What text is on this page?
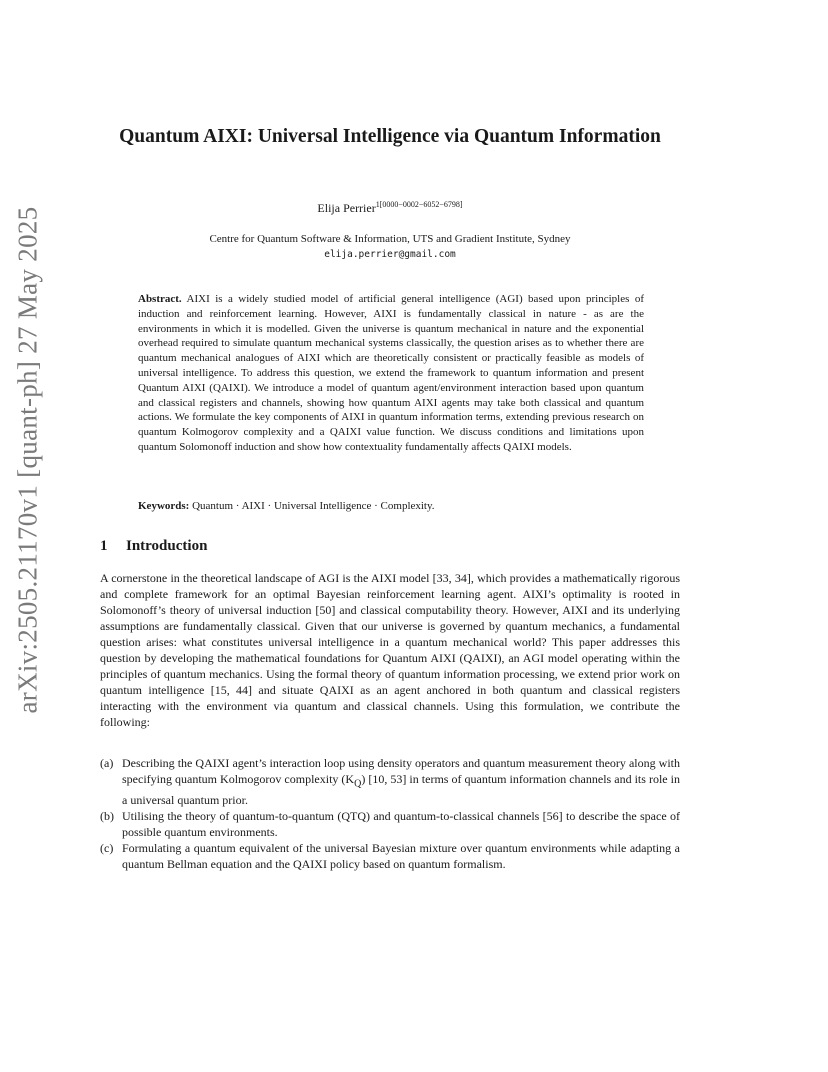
arXiv:2505.21170v1 [quant-ph] 27 May 2025
Quantum AIXI: Universal Intelligence via Quantum Information
Elija Perrier$^{1[0000-0002-6052-6798]}$
Centre for Quantum Software & Information, UTS and Gradient Institute, Sydney
elija.perrier@gmail.com
Abstract. AIXI is a widely studied model of artificial general intelligence (AGI) based upon principles of induction and reinforcement learning. However, AIXI is fundamentally classical in nature - as are the environments in which it is modelled. Given the universe is quantum mechanical in nature and the exponential overhead required to simulate quantum mechanical systems classically, the question arises as to whether there are quantum mechanical analogues of AIXI which are theoretically consistent or practically feasible as models of universal intelligence. To address this question, we extend the framework to quantum information and present Quantum AIXI (QAIXI). We introduce a model of quantum agent/environment interaction based upon quantum and classical registers and channels, showing how quantum AIXI agents may take both classical and quantum actions. We formulate the key components of AIXI in quantum information terms, extending previous research on quantum Kolmogorov complexity and a QAIXI value function. We discuss conditions and limitations upon quantum Solomonoff induction and show how contextuality fundamentally affects QAIXI models.
Keywords: Quantum · AIXI · Universal Intelligence · Complexity.
1 Introduction
A cornerstone in the theoretical landscape of AGI is the AIXI model [33, 34], which provides a mathematically rigorous and complete framework for an optimal Bayesian reinforcement learning agent. AIXI’s optimality is rooted in Solomonoff’s theory of universal induction [50] and classical computability theory. However, AIXI and its underlying assumptions are fundamentally classical. Given that our universe is governed by quantum mechanics, a fundamental question arises: what constitutes universal intelligence in a quantum mechanical world? This paper addresses this question by developing the mathematical foundations for Quantum AIXI (QAIXI), an AGI model operating within the principles of quantum mechanics. Using the formal theory of quantum information processing, we extend prior work on quantum intelligence [15, 44] and situate QAIXI as an agent anchored in both quantum and classical registers interacting with the environment via quantum and classical channels. Using this formulation, we contribute the following:
(a) Describing the QAIXI agent’s interaction loop using density operators and quantum measurement theory along with specifying quantum Kolmogorov complexity $(K_Q)$ [10, 53] in terms of quantum information channels and its role in a universal quantum prior.
(b) Utilising the theory of quantum-to-quantum (QTQ) and quantum-to-classical channels [56] to describe the space of possible quantum environments.
(c) Formulating a quantum equivalent of the universal Bayesian mixture over quantum environments while adapting a quantum Bellman equation and the QAIXI policy based on quantum formalism.
